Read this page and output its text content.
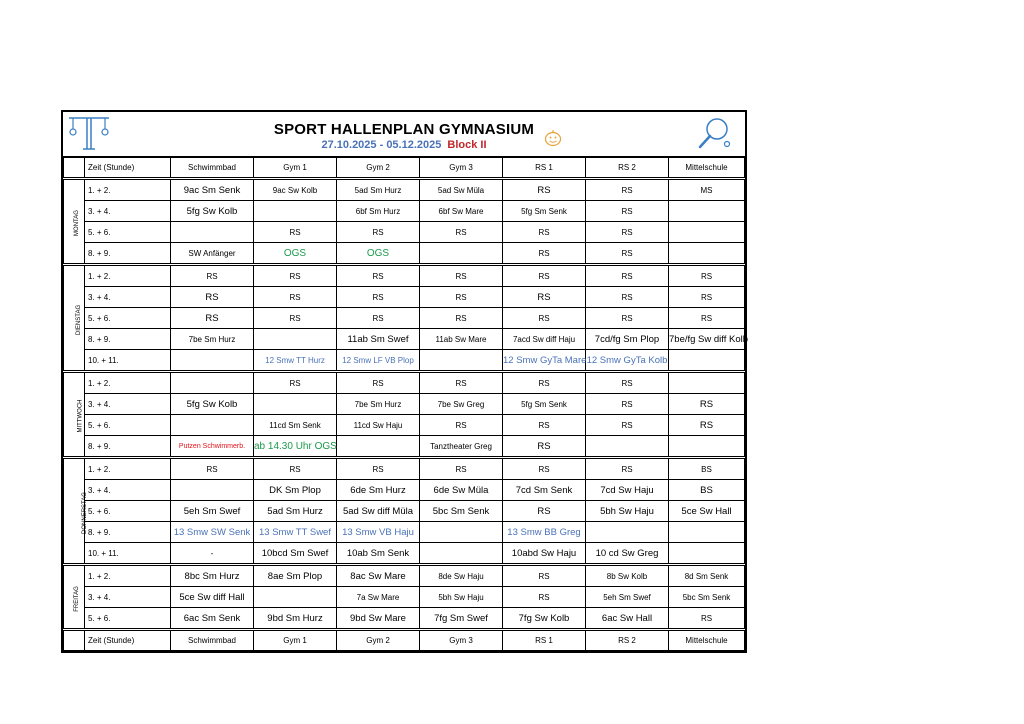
SPORT HALLENPLAN GYMNASIUM
27.10.2025 - 05.12.2025 Block II
	Zeit (Stunde)	Schwimmbad	Gym 1	Gym 2	Gym 3	RS 1	RS 2	Mittelschule
MONTAG	1. + 2.	9ac Sm Senk	9ac Sw Kolb	5ad Sm Hurz	5ad Sw Müla	RS	RS	MS
	3. + 4.	5fg Sw Kolb		6bf Sm Hurz	6bf Sw Mare	5fg Sm Senk	RS	
	5. + 6.		RS	RS	RS	RS	RS	
	8. + 9.	SW Anfänger	OGS	OGS		RS	RS	
DIENSTAG	1. + 2.	RS	RS	RS	RS	RS	RS	RS
	3. + 4.	RS	RS	RS	RS	RS	RS	RS
	5. + 6.	RS	RS	RS	RS	RS	RS	RS
	8. + 9.	7be Sm Hurz		11ab Sm Swef	11ab Sw Mare	7acd Sw diff Haju	7cd/fg Sm Plop	7be/fg Sw diff Kolb
	10. + 11.		12 Smw TT Hurz	12 Smw LF VB Plop		12 Smw GyTa Mare	12 Smw GyTa Kolb	
MITTWOCH	1. + 2.		RS	RS	RS	RS	RS	
	3. + 4.	5fg Sw Kolb		7be Sm Hurz	7be Sw Greg	5fg Sm Senk	RS	RS
	5. + 6.		11cd Sm Senk	11cd Sw Haju	RS	RS	RS	RS
	8. + 9.	Putzen Schwimmerb.	ab 14.30 Uhr OGS		Tanztheater Greg	RS		
DONNERSTAG	1. + 2.	RS	RS	RS	RS	RS	RS	BS
	3. + 4.		DK Sm Plop	6de Sm Hurz	6de Sw Müla	7cd Sm Senk	7cd Sw Haju	BS
	5. + 6.	5eh Sm Swef	5ad Sm Hurz	5ad Sw diff Müla	5bc Sm Senk	RS	5bh Sw Haju	5ce Sw Hall
	8. + 9.	13 Smw SW Senk	13 Smw TT Swef	13 Smw VB Haju		13 Smw BB Greg		
	10. + 11.	-	10bcd Sm Swef	10ab Sm Senk		10abd Sw Haju	10 cd Sw Greg	
FREITAG	1. + 2.	8bc Sm Hurz	8ae Sm Plop	8ac Sw Mare	8de Sw Haju	RS	8b Sw Kolb	8d Sm Senk
	3. + 4.	5ce Sw diff Hall		7a Sw Mare	5bh Sw Haju	RS	5eh Sm Swef	5bc Sm Senk
	5. + 6.	6ac Sm Senk	9bd Sm Hurz	9bd Sw Mare	7fg Sm Swef	7fg Sw Kolb	6ac Sw Hall	RS
	Zeit (Stunde)	Schwimmbad	Gym 1	Gym 2	Gym 3	RS 1	RS 2	Mittelschule
